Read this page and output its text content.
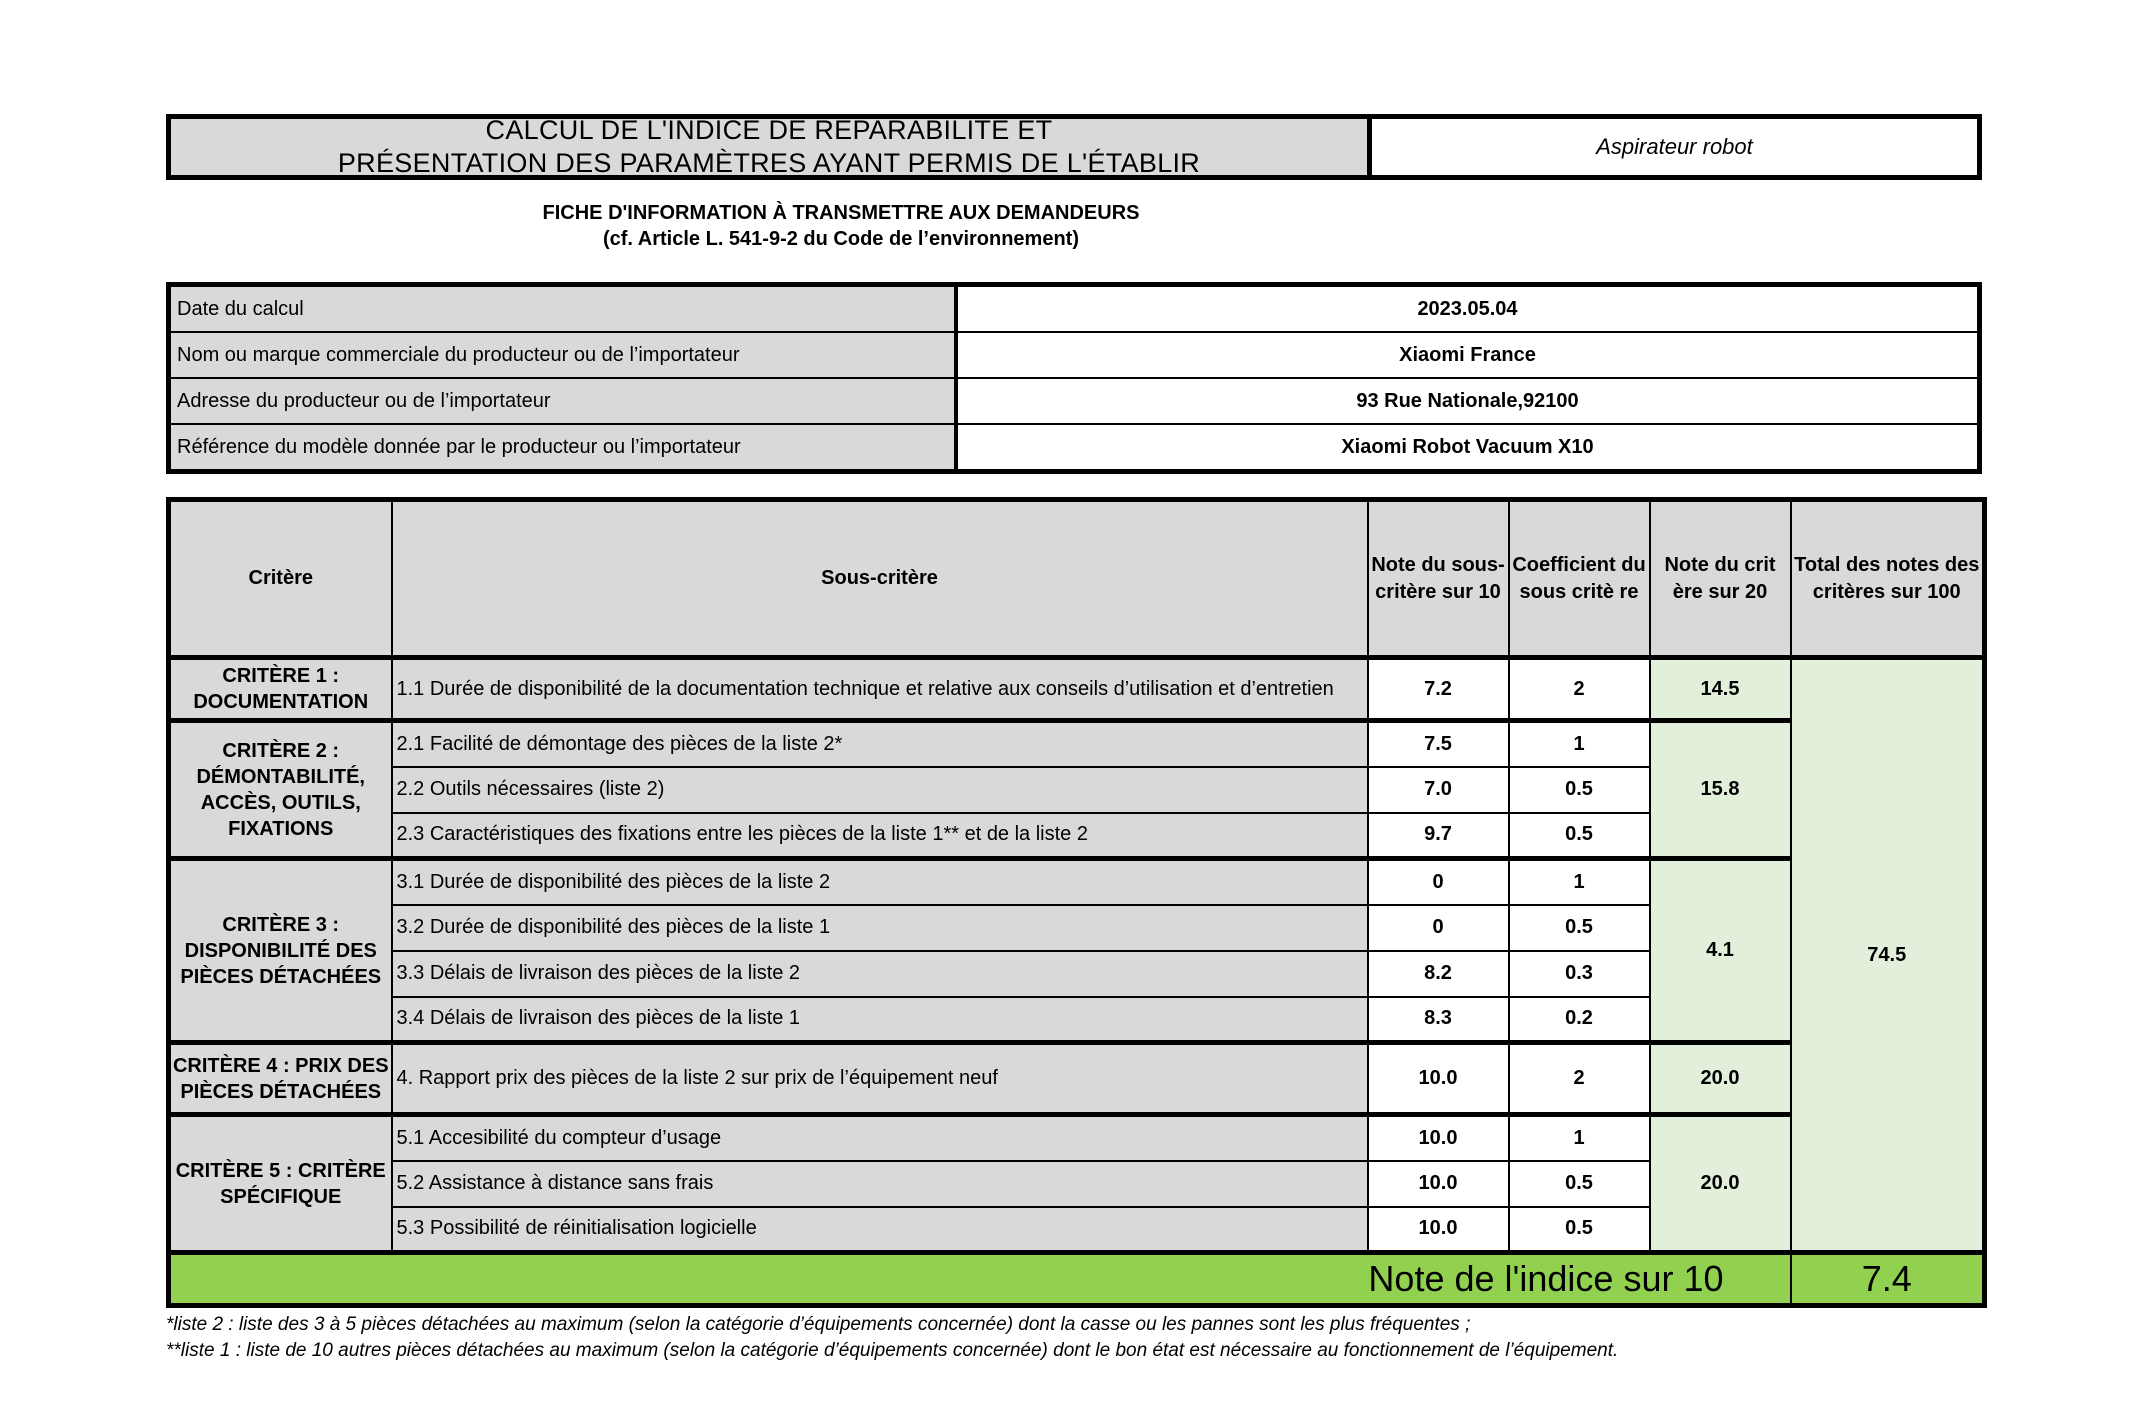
CALCUL DE L'INDICE DE RÉPARABILITÉ ET
PRÉSENTATION DES PARAMÈTRES AYANT PERMIS DE L'ÉTABLIR
Aspirateur robot
FICHE D'INFORMATION À TRANSMETTRE AUX DEMANDEURS
(cf. Article L. 541-9-2 du Code de l’environnement)
Date du calcul	2023.05.04
Nom ou marque commerciale du producteur ou de l’importateur	Xiaomi France
Adresse du producteur ou de l’importateur	93 Rue Nationale,92100
Référence du modèle donnée par le producteur ou l’importateur	Xiaomi Robot Vacuum X10
Critère	Sous-critère	Note du sous-critère sur 10	Coefficient du sous critè re	Note du crit ère sur 20	Total des notes des critères sur 100
CRITÈRE 1 : DOCUMENTATION	1.1 Durée de disponibilité de la documentation technique et relative aux conseils d’utilisation et d’entretien	7.2	2	14.5	74.5
CRITÈRE 2 : DÉMONTABILITÉ, ACCÈS, OUTILS, FIXATIONS	2.1 Facilité de démontage des pièces de la liste 2*	7.5	1	15.8	
	2.2 Outils nécessaires (liste 2)	7.0	0.5		
	2.3 Caractéristiques des fixations entre les pièces de la liste 1** et de la liste 2	9.7	0.5		
CRITÈRE 3 : DISPONIBILITÉ DES PIÈCES DÉTACHÉES	3.1 Durée de disponibilité des pièces de la liste 2	0	1	4.1	
	3.2 Durée de disponibilité des pièces de la liste 1	0	0.5		
	3.3 Délais de livraison des pièces de la liste 2	8.2	0.3		
	3.4 Délais de livraison des pièces de la liste 1	8.3	0.2		
CRITÈRE 4 : PRIX DES PIÈCES DÉTACHÉES	4. Rapport prix des pièces de la liste 2 sur prix de l’équipement neuf	10.0	2	20.0	
CRITÈRE 5 : CRITÈRE SPÉCIFIQUE	5.1 Accesibilité du compteur d’usage	10.0	1	20.0	
	5.2 Assistance à distance sans frais	10.0	0.5		
	5.3 Possibilité de réinitialisation logicielle	10.0	0.5		
Note de l'indice sur 10					7.4
*liste 2 : liste des 3 à 5 pièces détachées au maximum (selon la catégorie d’équipements concernée) dont la casse ou les pannes sont les plus fréquentes ;
**liste 1 : liste de 10 autres pièces détachées au maximum (selon la catégorie d’équipements concernée) dont le bon état est nécessaire au fonctionnement de l’équipement.
